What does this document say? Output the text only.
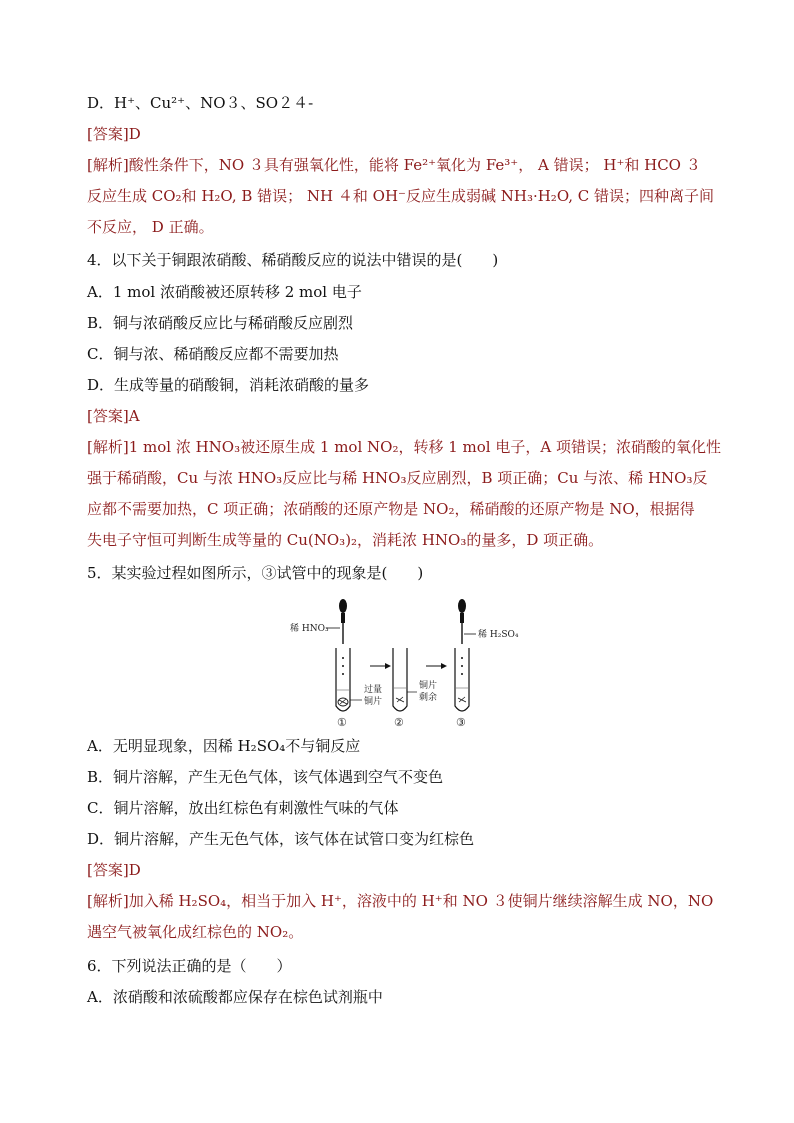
D．H⁺、Cu²⁺、NO３、SO２４-
[答案]D
[解析]酸性条件下，NO ３具有强氧化性，能将 Fe²⁺氧化为 Fe³⁺， A 错误； H⁺和 HCO ３
反应生成 CO₂和 H₂O, B 错误； NH ４和 OH⁻反应生成弱碱 NH₃·H₂O, C 错误；四种离子间
不反应， D 正确。
4．以下关于铜跟浓硝酸、稀硝酸反应的说法中错误的是(　　)
A．1 mol 浓硝酸被还原转移 2 mol 电子
B．铜与浓硝酸反应比与稀硝酸反应剧烈
C．铜与浓、稀硝酸反应都不需要加热
D．生成等量的硝酸铜，消耗浓硝酸的量多
[答案]A
[解析]1 mol 浓 HNO₃被还原生成 1 mol NO₂，转移 1 mol 电子，A 项错误；浓硝酸的氧化性
强于稀硝酸，Cu 与浓 HNO₃反应比与稀 HNO₃反应剧烈，B 项正确；Cu 与浓、稀 HNO₃反
应都不需要加热，C 项正确；浓硝酸的还原产物是 NO₂，稀硝酸的还原产物是 NO，根据得
失电子守恒可判断生成等量的 Cu(NO₃)₂，消耗浓 HNO₃的量多，D 项正确。
5．某实验过程如图所示，③试管中的现象是(　　)
稀 HNO₃
过量
铜片
铜片
剩余
稀 H₂SO₄
①	②	③
A．无明显现象，因稀 H₂SO₄不与铜反应
B．铜片溶解，产生无色气体，该气体遇到空气不变色
C．铜片溶解，放出红棕色有刺激性气味的气体
D．铜片溶解，产生无色气体，该气体在试管口变为红棕色
[答案]D
[解析]加入稀 H₂SO₄，相当于加入 H⁺，溶液中的 H⁺和 NO ３使铜片继续溶解生成 NO，NO
遇空气被氧化成红棕色的 NO₂。
6．下列说法正确的是（　　）
A．浓硝酸和浓硫酸都应保存在棕色试剂瓶中
